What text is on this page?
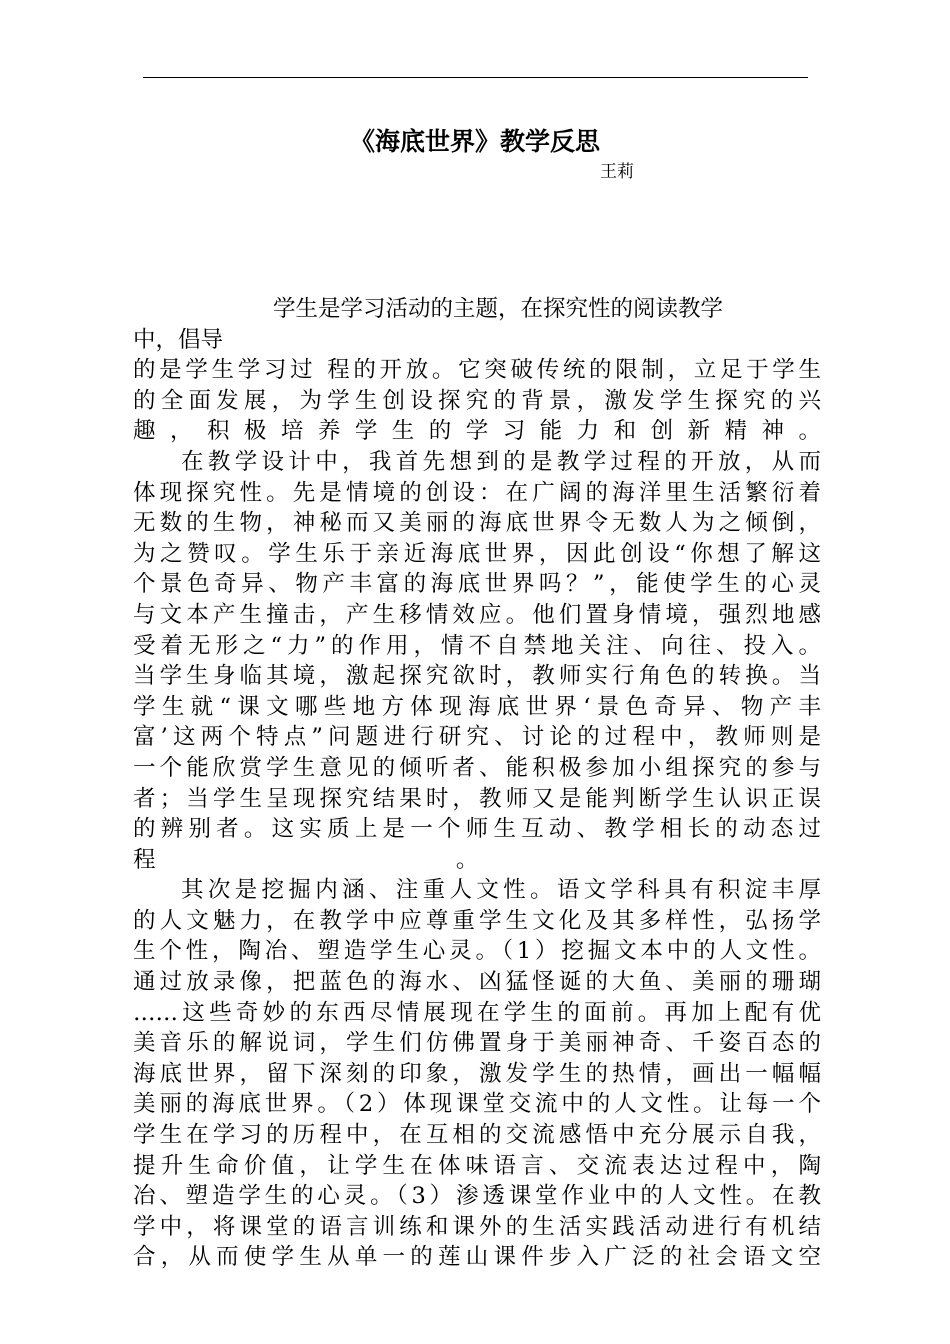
《海底世界》教学反思
王莉
学生是学习活动的主题，在探究性的阅读教学
中，倡导
的是学生学习过 程的开放。它突破传统的限制，立足于学生
的全面发展，为学生创设探究的背景，激发学生探究的兴
趣，积极培养学生的学习能力和创新精神。
在教学设计中，我首先想到的是教学过程的开放，从而
体现探究性。先是情境的创设：在广阔的海洋里生活繁衍着
无数的生物，神秘而又美丽的海底世界令无数人为之倾倒，
为之赞叹。学生乐于亲近海底世界，因此创设“你想了解这
个景色奇异、物产丰富的海底世界吗？”，能使学生的心灵
与文本产生撞击，产生移情效应。他们置身情境，强烈地感
受着无形之“力”的作用，情不自禁地关注、向往、投入。
当学生身临其境，激起探究欲时，教师实行角色的转换。当
学生就“课文哪些地方体现海底世界‘景色奇异、物产丰
富’这两个特点”问题进行研究、讨论的过程中，教师则是
一个能欣赏学生意见的倾听者、能积极参加小组探究的参与
者；当学生呈现探究结果时，教师又是能判断学生认识正误
的辨别者。这实质上是一个师生互动、教学相长的动态过
程                                          。
其次是挖掘内涵、注重人文性。语文学科具有积淀丰厚
的人文魅力，在教学中应尊重学生文化及其多样性，弘扬学
生个性，陶冶、塑造学生心灵。（1）挖掘文本中的人文性。
通过放录像，把蓝色的海水、凶猛怪诞的大鱼、美丽的珊瑚
……这些奇妙的东西尽情展现在学生的面前。再加上配有优
美音乐的解说词，学生们仿佛置身于美丽神奇、千姿百态的
海底世界，留下深刻的印象，激发学生的热情，画出一幅幅
美丽的海底世界。（2）体现课堂交流中的人文性。让每一个
学生在学习的历程中，在互相的交流感悟中充分展示自我，
提升生命价值，让学生在体味语言、交流表达过程中，陶
冶、塑造学生的心灵。（3）渗透课堂作业中的人文性。在教
学中，将课堂的语言训练和课外的生活实践活动进行有机结
合，从而使学生从单一的莲山课件步入广泛的社会语文空
